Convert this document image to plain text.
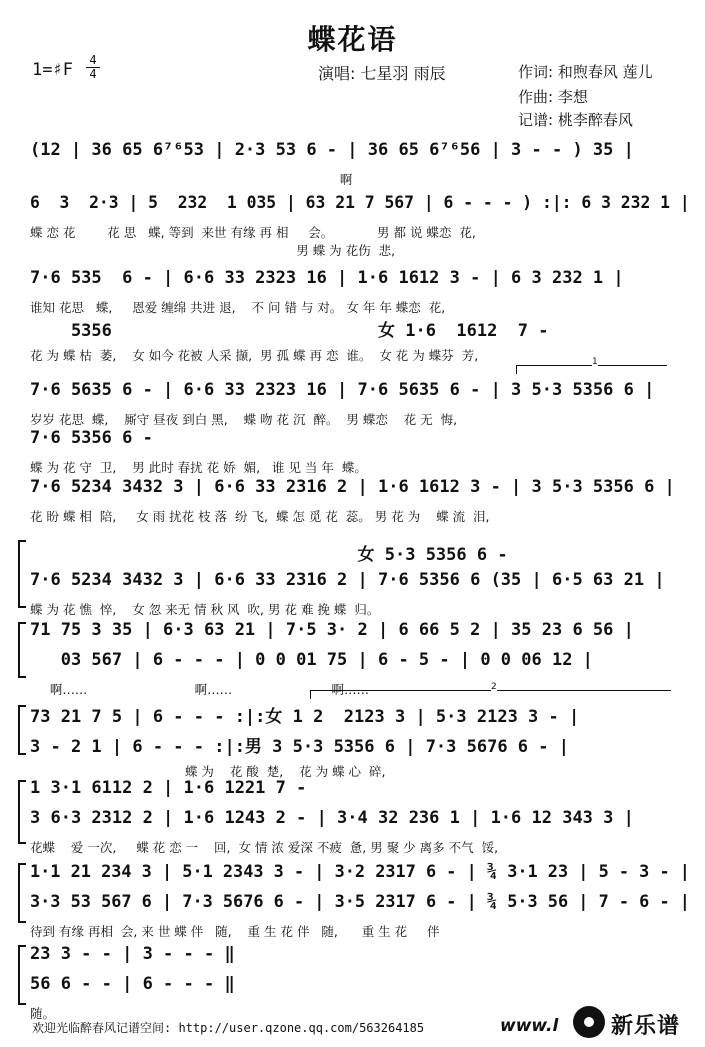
蝶花语
1=♯F 4
4	演唱: 七星羽 雨辰	作词: 和煦春风 莲儿
作曲: 李想
记谱: 桃李醉春风
(12 | 36 65 6⁷⁶53 | 2·3 53 6 - | 36 65 6⁷⁶56 | 3 - - ) 35 |
啊
6  3  2·3 | 5  232  1 035 | 63 21 7 567 | 6 - - - ) :|: 6 3 232 1 |
蝶 恋 花        花 思   蝶, 等到  来世 有缘 再 相     会。           男 都 说 蝶恋  花,
男 蝶 为 花伤  悲,
7·6 535  6 - | 6·6 33 2323 16 | 1·6 1612 3 - | 6 3 232 1 |
谁知 花思   蝶,     恩爱 缠绵 共进 退,    不 问 错 与 对。 女 年 年 蝶恋  花,
5356                          女 1·6  1612  7 -
花 为 蝶 枯  萎,    女 如今 花被 人采 撷,  男 孤 蝶 再 恋  谁。  女 花 为 蝶芬  芳,
7·6 5635 6 - | 6·6 33 2323 16 | 7·6 5635 6 - | 3 5·3 5356 6 |
岁岁 花思  蝶,    厮守 昼夜 到白 黑,    蝶 吻 花 沉  醉。  男 蝶恋    花 无  悔,
7·6 5356 6 -
蝶 为 花 守  卫,    男 此时 春扰 花 娇  媚,   谁 见 当 年  蝶。
7·6 5234 3432 3 | 6·6 33 2316 2 | 1·6 1612 3 - | 3 5·3 5356 6 |
花 盼 蝶 相  陪,     女 雨 扰花 枝 落  纷 飞,  蝶 怎 觅 花  蕊。 男 花 为    蝶 流  泪,
女 5·3 5356 6 -
7·6 5234 3432 3 | 6·6 33 2316 2 | 7·6 5356 6 (35 | 6·5 63 21 |
蝶 为 花 憔  悴,    女 忽 来无 情 秋 风  吹, 男 花 难 挽 蝶  归。
71 75 3 35 | 6·3 63 21 | 7·5 3· 2 | 6 66 5 2 | 35 23 6 56 |
03 567 | 6 - - - | 0 0 01 75 | 6 - 5 - | 0 0 06 12 |
啊……                           啊……                         啊……
73 21 7 5 | 6 - - - :|:女 1 2  2123 3 | 5·3 2123 3 - |
3 - 2 1 | 6 - - - :|:男 3 5·3 5356 6 | 7·3 5676 6 - |
蝶 为    花 酸  楚,    花 为 蝶 心  碎,
1 3·1 6112 2 | 1·6 1221 7 -
3 6·3 2312 2 | 1·6 1243 2 - | 3·4 32 236 1 | 1·6 12 343 3 |
花蝶    爱 一次,     蝶 花 恋 一    回,  女 情 浓 爱深 不疲  惫, 男 聚 少 离多 不气  馁,
1·1 21 234 3 | 5·1 2343 3 - | 3·2 2317 6 - | ¾ 3·1 23 | 5 - 3 - |
3·3 53 567 6 | 7·3 5676 6 - | 3·5 2317 6 - | ¾ 5·3 56 | 7 - 6 - |
待到 有缘 再相  会, 来 世 蝶 伴   随,    重 生 花 伴   随,      重 生 花     伴
23 3 - - | 3 - - - ‖
56 6 - - | 6 - - - ‖
随。
1
2
欢迎光临醉春风记谱空间: http://user.qzone.qq.com/563264185	www.l 新乐谱
